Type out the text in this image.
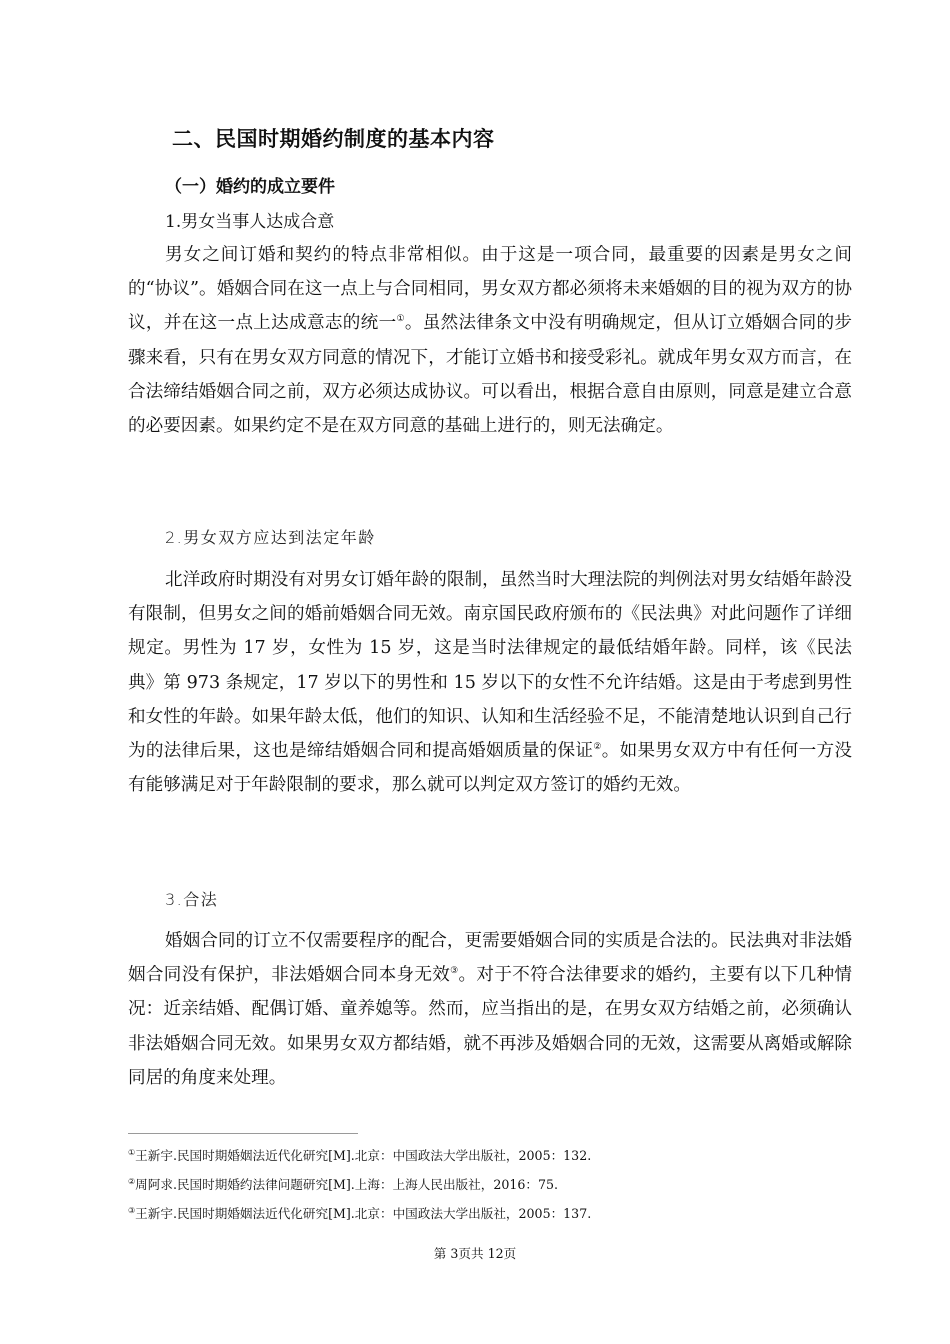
二、民国时期婚约制度的基本内容
（一）婚约的成立要件
1.男女当事人达成合意

男女之间订婚和契约的特点非常相似。由于这是一项合同，最重要的因素是男女之间的“协议”。婚姻合同在这一点上与合同相同，男女双方都必须将未来婚姻的目的视为双方的协议，并在这一点上达成意志的统一①。虽然法律条文中没有明确规定，但从订立婚姻合同的步骤来看，只有在男女双方同意的情况下，才能订立婚书和接受彩礼。就成年男女双方而言，在合法缔结婚姻合同之前，双方必须达成协议。可以看出，根据合意自由原则，同意是建立合意的必要因素。如果约定不是在双方同意的基础上进行的，则无法确定。

2.男女双方应达到法定年龄

北洋政府时期没有对男女订婚年龄的限制，虽然当时大理法院的判例法对男女结婚年龄没有限制，但男女之间的婚前婚姻合同无效。南京国民政府颁布的《民法典》对此问题作了详细规定。男性为 17 岁，女性为 15 岁，这是当时法律规定的最低结婚年龄。同样，该《民法典》第 973 条规定，17 岁以下的男性和 15 岁以下的女性不允许结婚。这是由于考虑到男性和女性的年龄。如果年龄太低，他们的知识、认知和生活经验不足，不能清楚地认识到自己行为的法律后果，这也是缔结婚姻合同和提高婚姻质量的保证②。如果男女双方中有任何一方没有能够满足对于年龄限制的要求，那么就可以判定双方签订的婚约无效。

3.合法

婚姻合同的订立不仅需要程序的配合，更需要婚姻合同的实质是合法的。民法典对非法婚姻合同没有保护，非法婚姻合同本身无效③。对于不符合法律要求的婚约，主要有以下几种情况：近亲结婚、配偶订婚、童养媳等。然而，应当指出的是，在男女双方结婚之前，必须确认非法婚姻合同无效。如果男女双方都结婚，就不再涉及婚姻合同的无效，这需要从离婚或解除同居的角度来处理。

①王新宇.民国时期婚姻法近代化研究[M].北京：中国政法大学出版社，2005：132.
②周阿求.民国时期婚约法律问题研究[M].上海：上海人民出版社，2016：75.
③王新宇.民国时期婚姻法近代化研究[M].北京：中国政法大学出版社，2005：137.
第 3页共 12页
